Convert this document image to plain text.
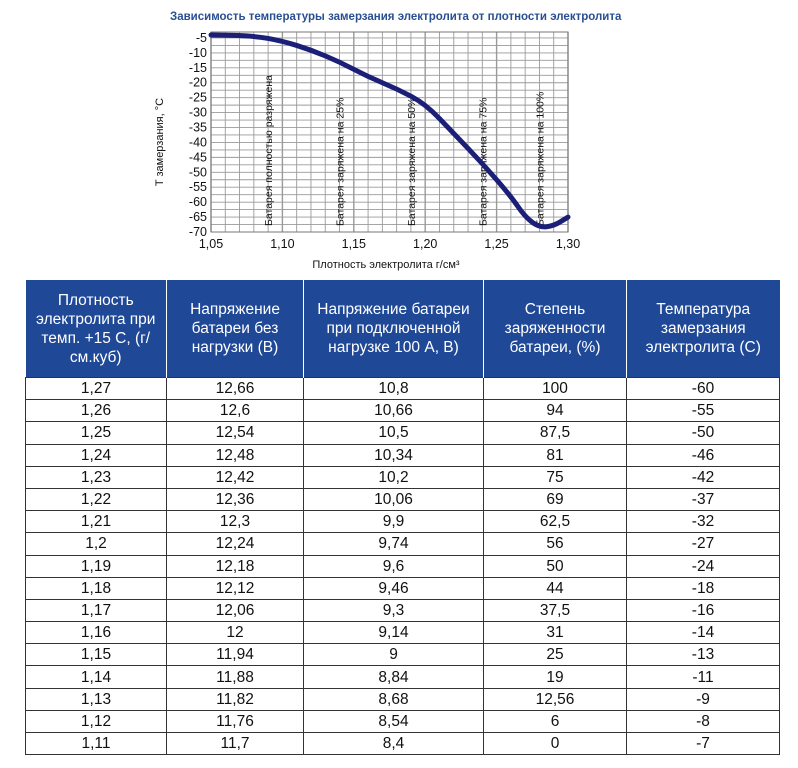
Зависимость температуры замерзания электролита от плотности электролита
-5
-10
-15
-20
-25
-30
-35
-40
-45
-50
-55
-60
-65
-70
1,05	1,10	1,15	1,20	1,25	1,30
Батарея полностью разряжена	Батарея заряжена на 25%	Батарея заряжена на 50%	Батарея заряжена на 75%	Батарея заряжена на 100%
Плотность электролита г/см³
T замерзания, °С
Плотность электролита при темп. +15 С, (г/см.куб)	Напряжение батареи без нагрузки (В)	Напряжение батареи при подключенной нагрузке 100 А, В)	Степень заряженности батареи, (%)	Температура замерзания электролита (С)
1,27	12,66	10,8	100	-60
1,26	12,6	10,66	94	-55
1,25	12,54	10,5	87,5	-50
1,24	12,48	10,34	81	-46
1,23	12,42	10,2	75	-42
1,22	12,36	10,06	69	-37
1,21	12,3	9,9	62,5	-32
1,2	12,24	9,74	56	-27
1,19	12,18	9,6	50	-24
1,18	12,12	9,46	44	-18
1,17	12,06	9,3	37,5	-16
1,16	12	9,14	31	-14
1,15	11,94	9	25	-13
1,14	11,88	8,84	19	-11
1,13	11,82	8,68	12,56	-9
1,12	11,76	8,54	6	-8
1,11	11,7	8,4	0	-7
